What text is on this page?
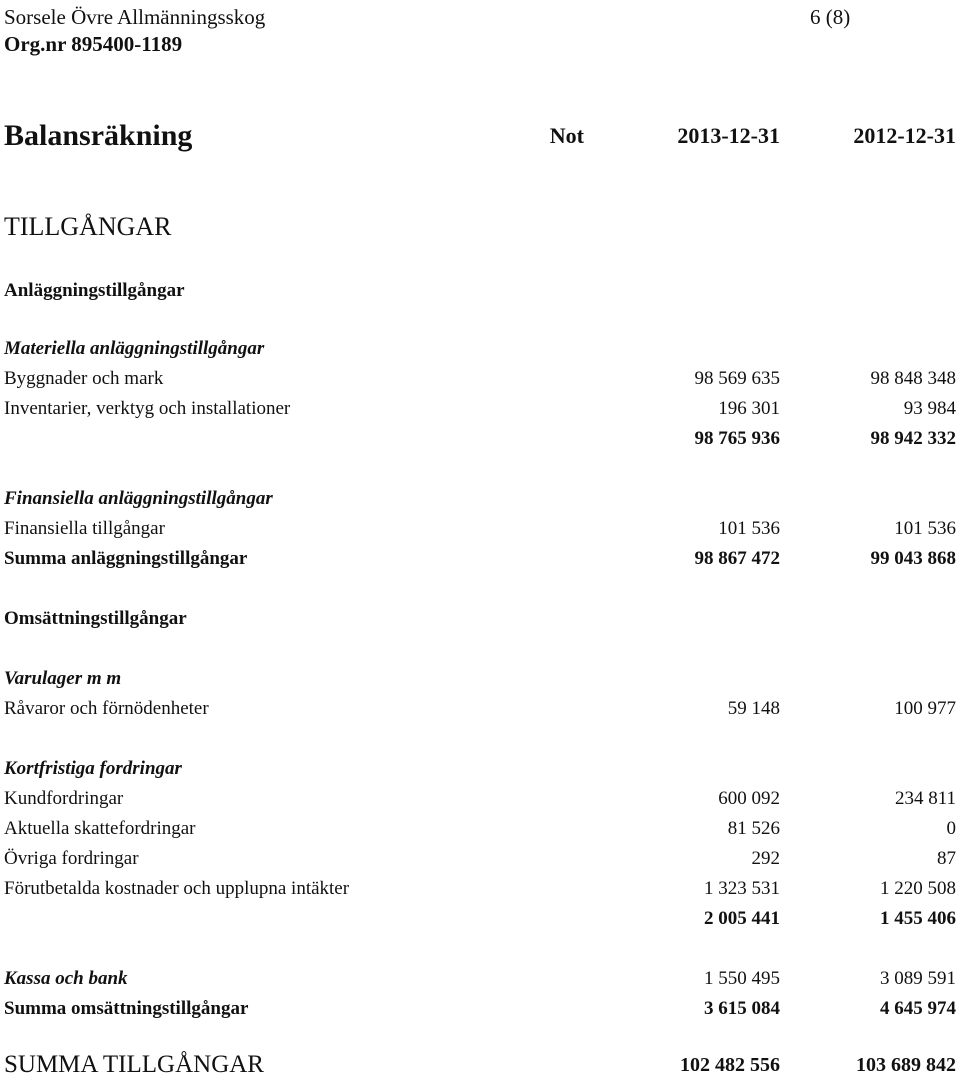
Sorsele Övre Allmänningsskog	6 (8)
Org.nr 895400-1189
Balansräkning	Not	2013-12-31	2012-12-31
TILLGÅNGAR
Anläggningstillgångar
Materiella anläggningstillgångar
Byggnader och mark	98 569 635	98 848 348
Inventarier, verktyg och installationer	196 301	93 984
98 765 936	98 942 332
Finansiella anläggningstillgångar
Finansiella tillgångar	101 536	101 536
Summa anläggningstillgångar	98 867 472	99 043 868
Omsättningstillgångar
Varulager m m
Råvaror och förnödenheter	59 148	100 977
Kortfristiga fordringar
Kundfordringar	600 092	234 811
Aktuella skattefordringar	81 526	0
Övriga fordringar	292	87
Förutbetalda kostnader och upplupna intäkter	1 323 531	1 220 508
2 005 441	1 455 406
Kassa och bank	1 550 495	3 089 591
Summa omsättningstillgångar	3 615 084	4 645 974
SUMMA TILLGÅNGAR	102 482 556	103 689 842
